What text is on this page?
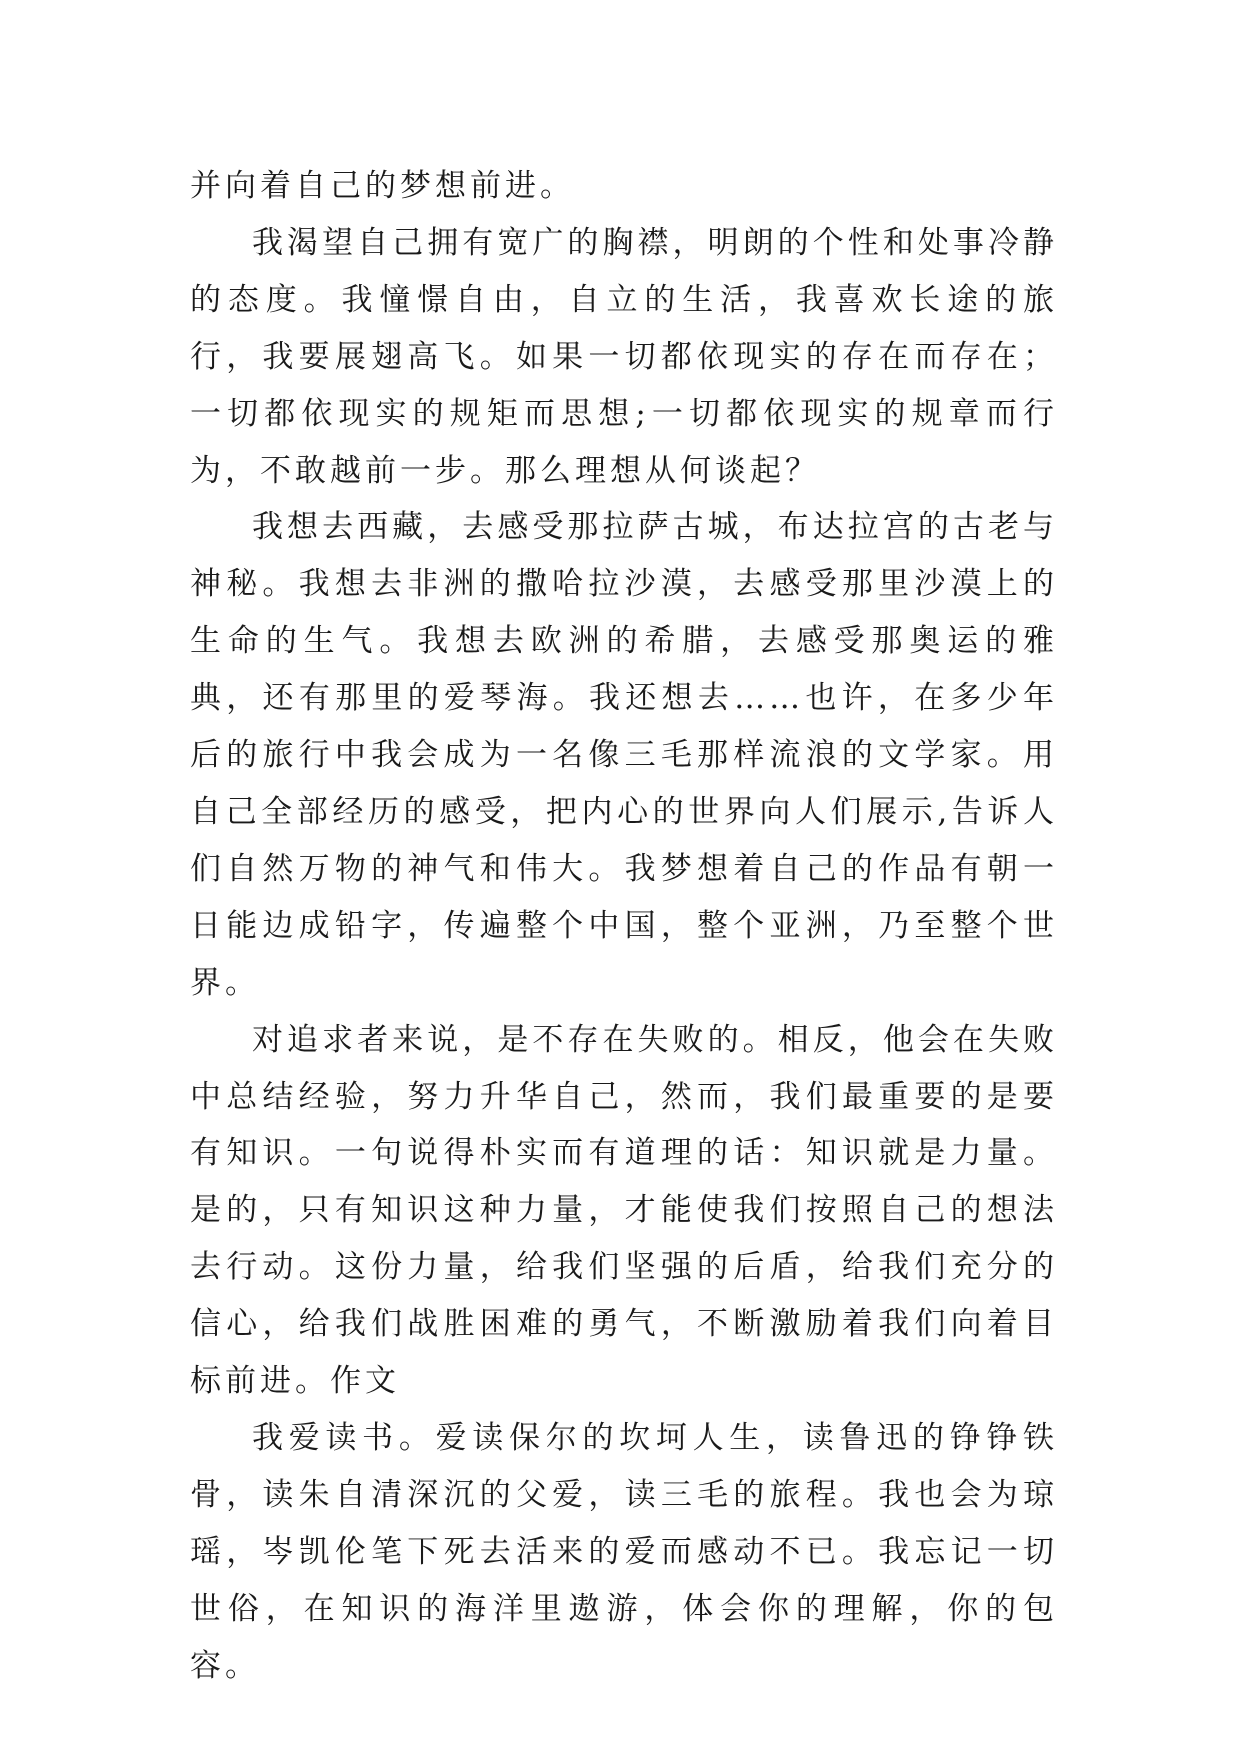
并向着自己的梦想前进。

我渴望自己拥有宽广的胸襟，明朗的个性和处事冷静的态度。我憧憬自由，自立的生活，我喜欢长途的旅行，我要展翅高飞。如果一切都依现实的存在而存在；一切都依现实的规矩而思想;一切都依现实的规章而行为，不敢越前一步。那么理想从何谈起？

我想去西藏，去感受那拉萨古城，布达拉宫的古老与神秘。我想去非洲的撒哈拉沙漠，去感受那里沙漠上的生命的生气。我想去欧洲的希腊，去感受那奥运的雅典，还有那里的爱琴海。我还想去……也许，在多少年后的旅行中我会成为一名像三毛那样流浪的文学家。用自己全部经历的感受，把内心的世界向人们展示,告诉人们自然万物的神气和伟大。我梦想着自己的作品有朝一日能边成铅字，传遍整个中国，整个亚洲，乃至整个世界。

对追求者来说，是不存在失败的。相反，他会在失败中总结经验，努力升华自己，然而，我们最重要的是要有知识。一句说得朴实而有道理的话：知识就是力量。是的，只有知识这种力量，才能使我们按照自己的想法去行动。这份力量，给我们坚强的后盾，给我们充分的信心，给我们战胜困难的勇气，不断激励着我们向着目标前进。作文

我爱读书。爱读保尔的坎坷人生，读鲁迅的铮铮铁骨，读朱自清深沉的父爱，读三毛的旅程。我也会为琼瑶，岑凯伦笔下死去活来的爱而感动不已。我忘记一切世俗，在知识的海洋里遨游，体会你的理解，你的包容。
